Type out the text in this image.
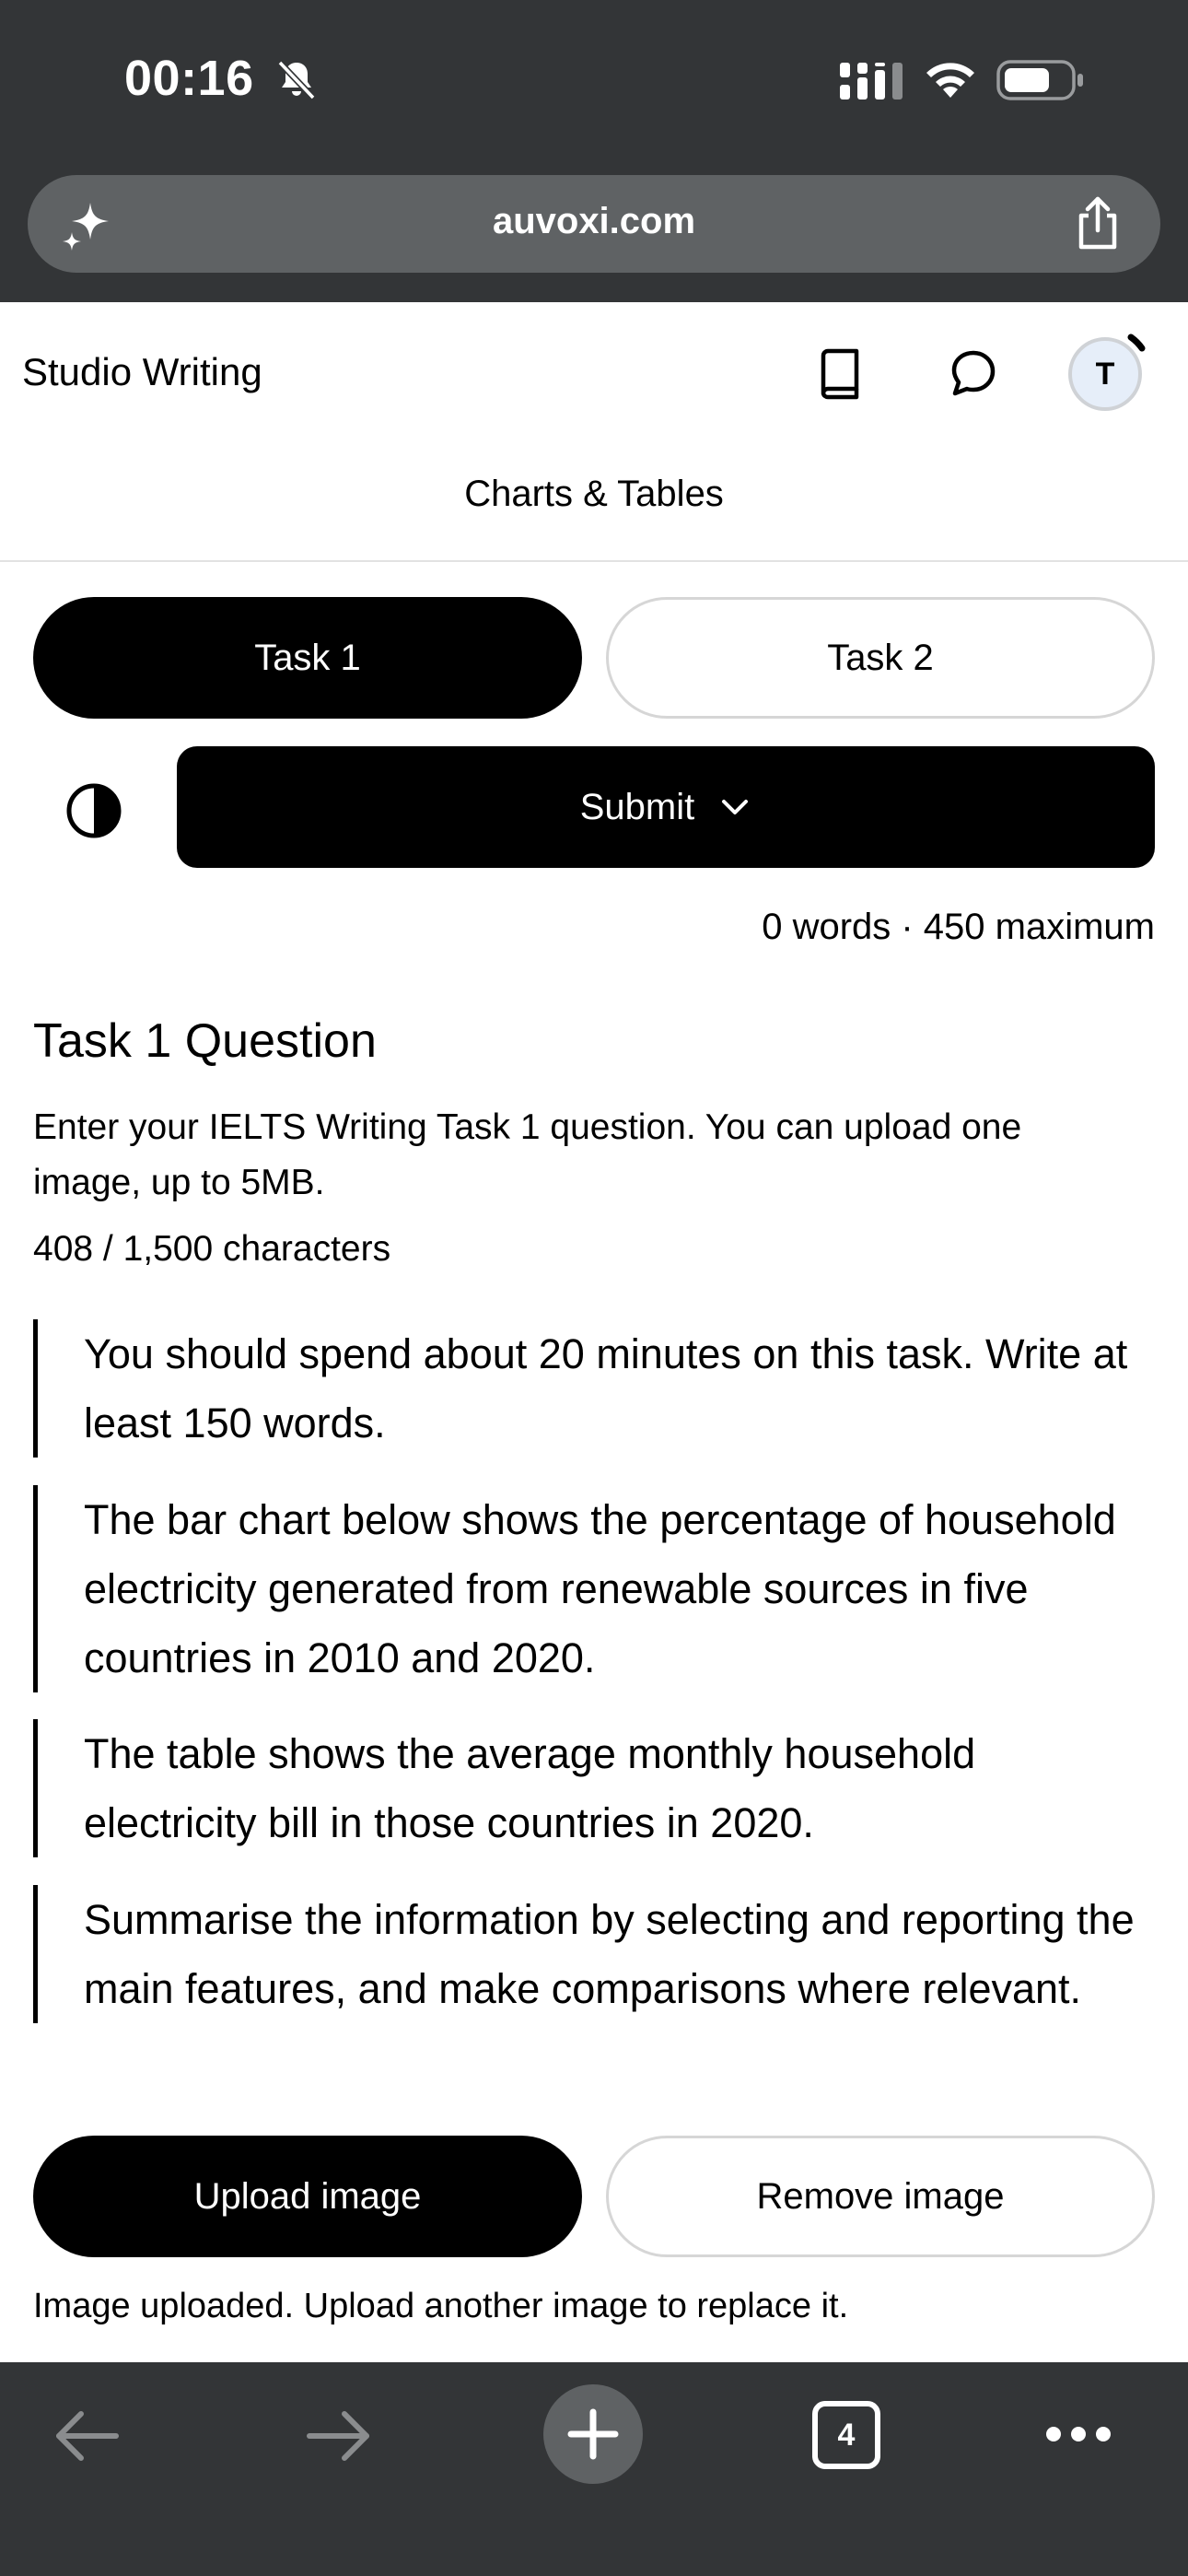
00:16
auvoxi.com
Studio Writing	T
Charts & Tables
Task 1	Task 2
Submit
0 words · 450 maximum
Task 1 Question
Enter your IELTS Writing Task 1 question. You can upload one image, up to 5MB.
408 / 1,500 characters
You should spend about 20 minutes on this task. Write at least 150 words.
The bar chart below shows the percentage of household electricity generated from renewable sources in five countries in 2010 and 2020.
The table shows the average monthly household electricity bill in those countries in 2020.
Summarise the information by selecting and reporting the main features, and make comparisons where relevant.
Upload image	Remove image
Image uploaded. Upload another image to replace it.
4
